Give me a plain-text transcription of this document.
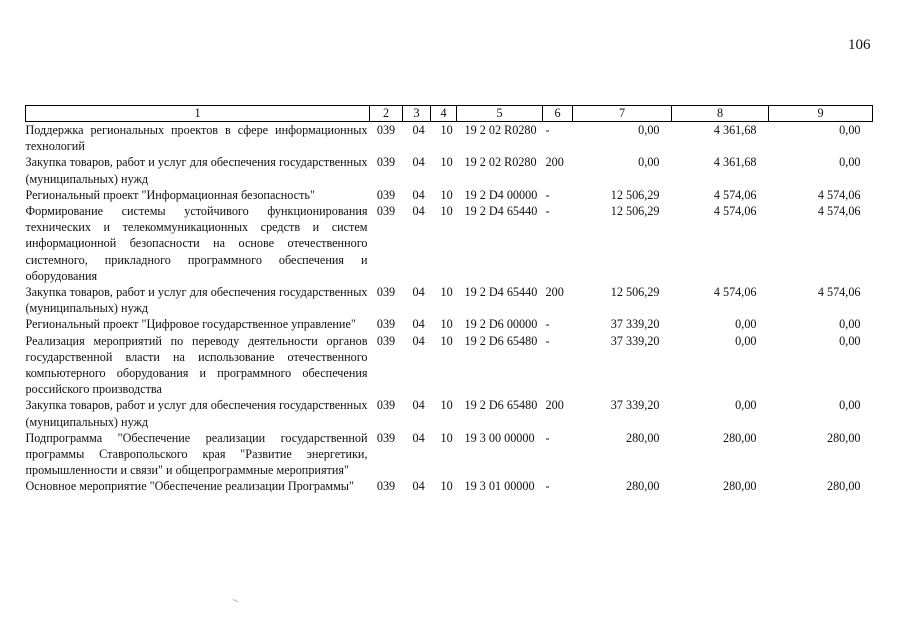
106
1	2	3	4	5	6	7	8	9
Поддержка региональных проектов в сфере информационных технологий	039	04	10	19 2 02 R0280	-	0,00	4 361,68	0,00
Закупка товаров, работ и услуг для обеспечения государственных (муниципальных) нужд	039	04	10	19 2 02 R0280	200	0,00	4 361,68	0,00
Региональный проект "Информационная безопасность"	039	04	10	19 2 D4 00000	-	12 506,29	4 574,06	4 574,06
Формирование системы устойчивого функционирования технических и телекоммуникационных средств и систем информационной безопасности на основе отечественного системного, прикладного программного обеспечения и оборудования	039	04	10	19 2 D4 65440	-	12 506,29	4 574,06	4 574,06
Закупка товаров, работ и услуг для обеспечения государственных (муниципальных) нужд	039	04	10	19 2 D4 65440	200	12 506,29	4 574,06	4 574,06
Региональный проект "Цифровое государственное управление"	039	04	10	19 2 D6 00000	-	37 339,20	0,00	0,00
Реализация мероприятий по переводу деятельности органов государственной власти на использование отечественного компьютерного оборудования и программного обеспечения российского производства	039	04	10	19 2 D6 65480	-	37 339,20	0,00	0,00
Закупка товаров, работ и услуг для обеспечения государственных (муниципальных) нужд	039	04	10	19 2 D6 65480	200	37 339,20	0,00	0,00
Подпрограмма "Обеспечение реализации государственной программы Ставропольского края "Развитие энергетики, промышленности и связи" и общепрограммные мероприятия"	039	04	10	19 3 00 00000	-	280,00	280,00	280,00
Основное мероприятие "Обеспечение реализации Программы"	039	04	10	19 3 01 00000	-	280,00	280,00	280,00
